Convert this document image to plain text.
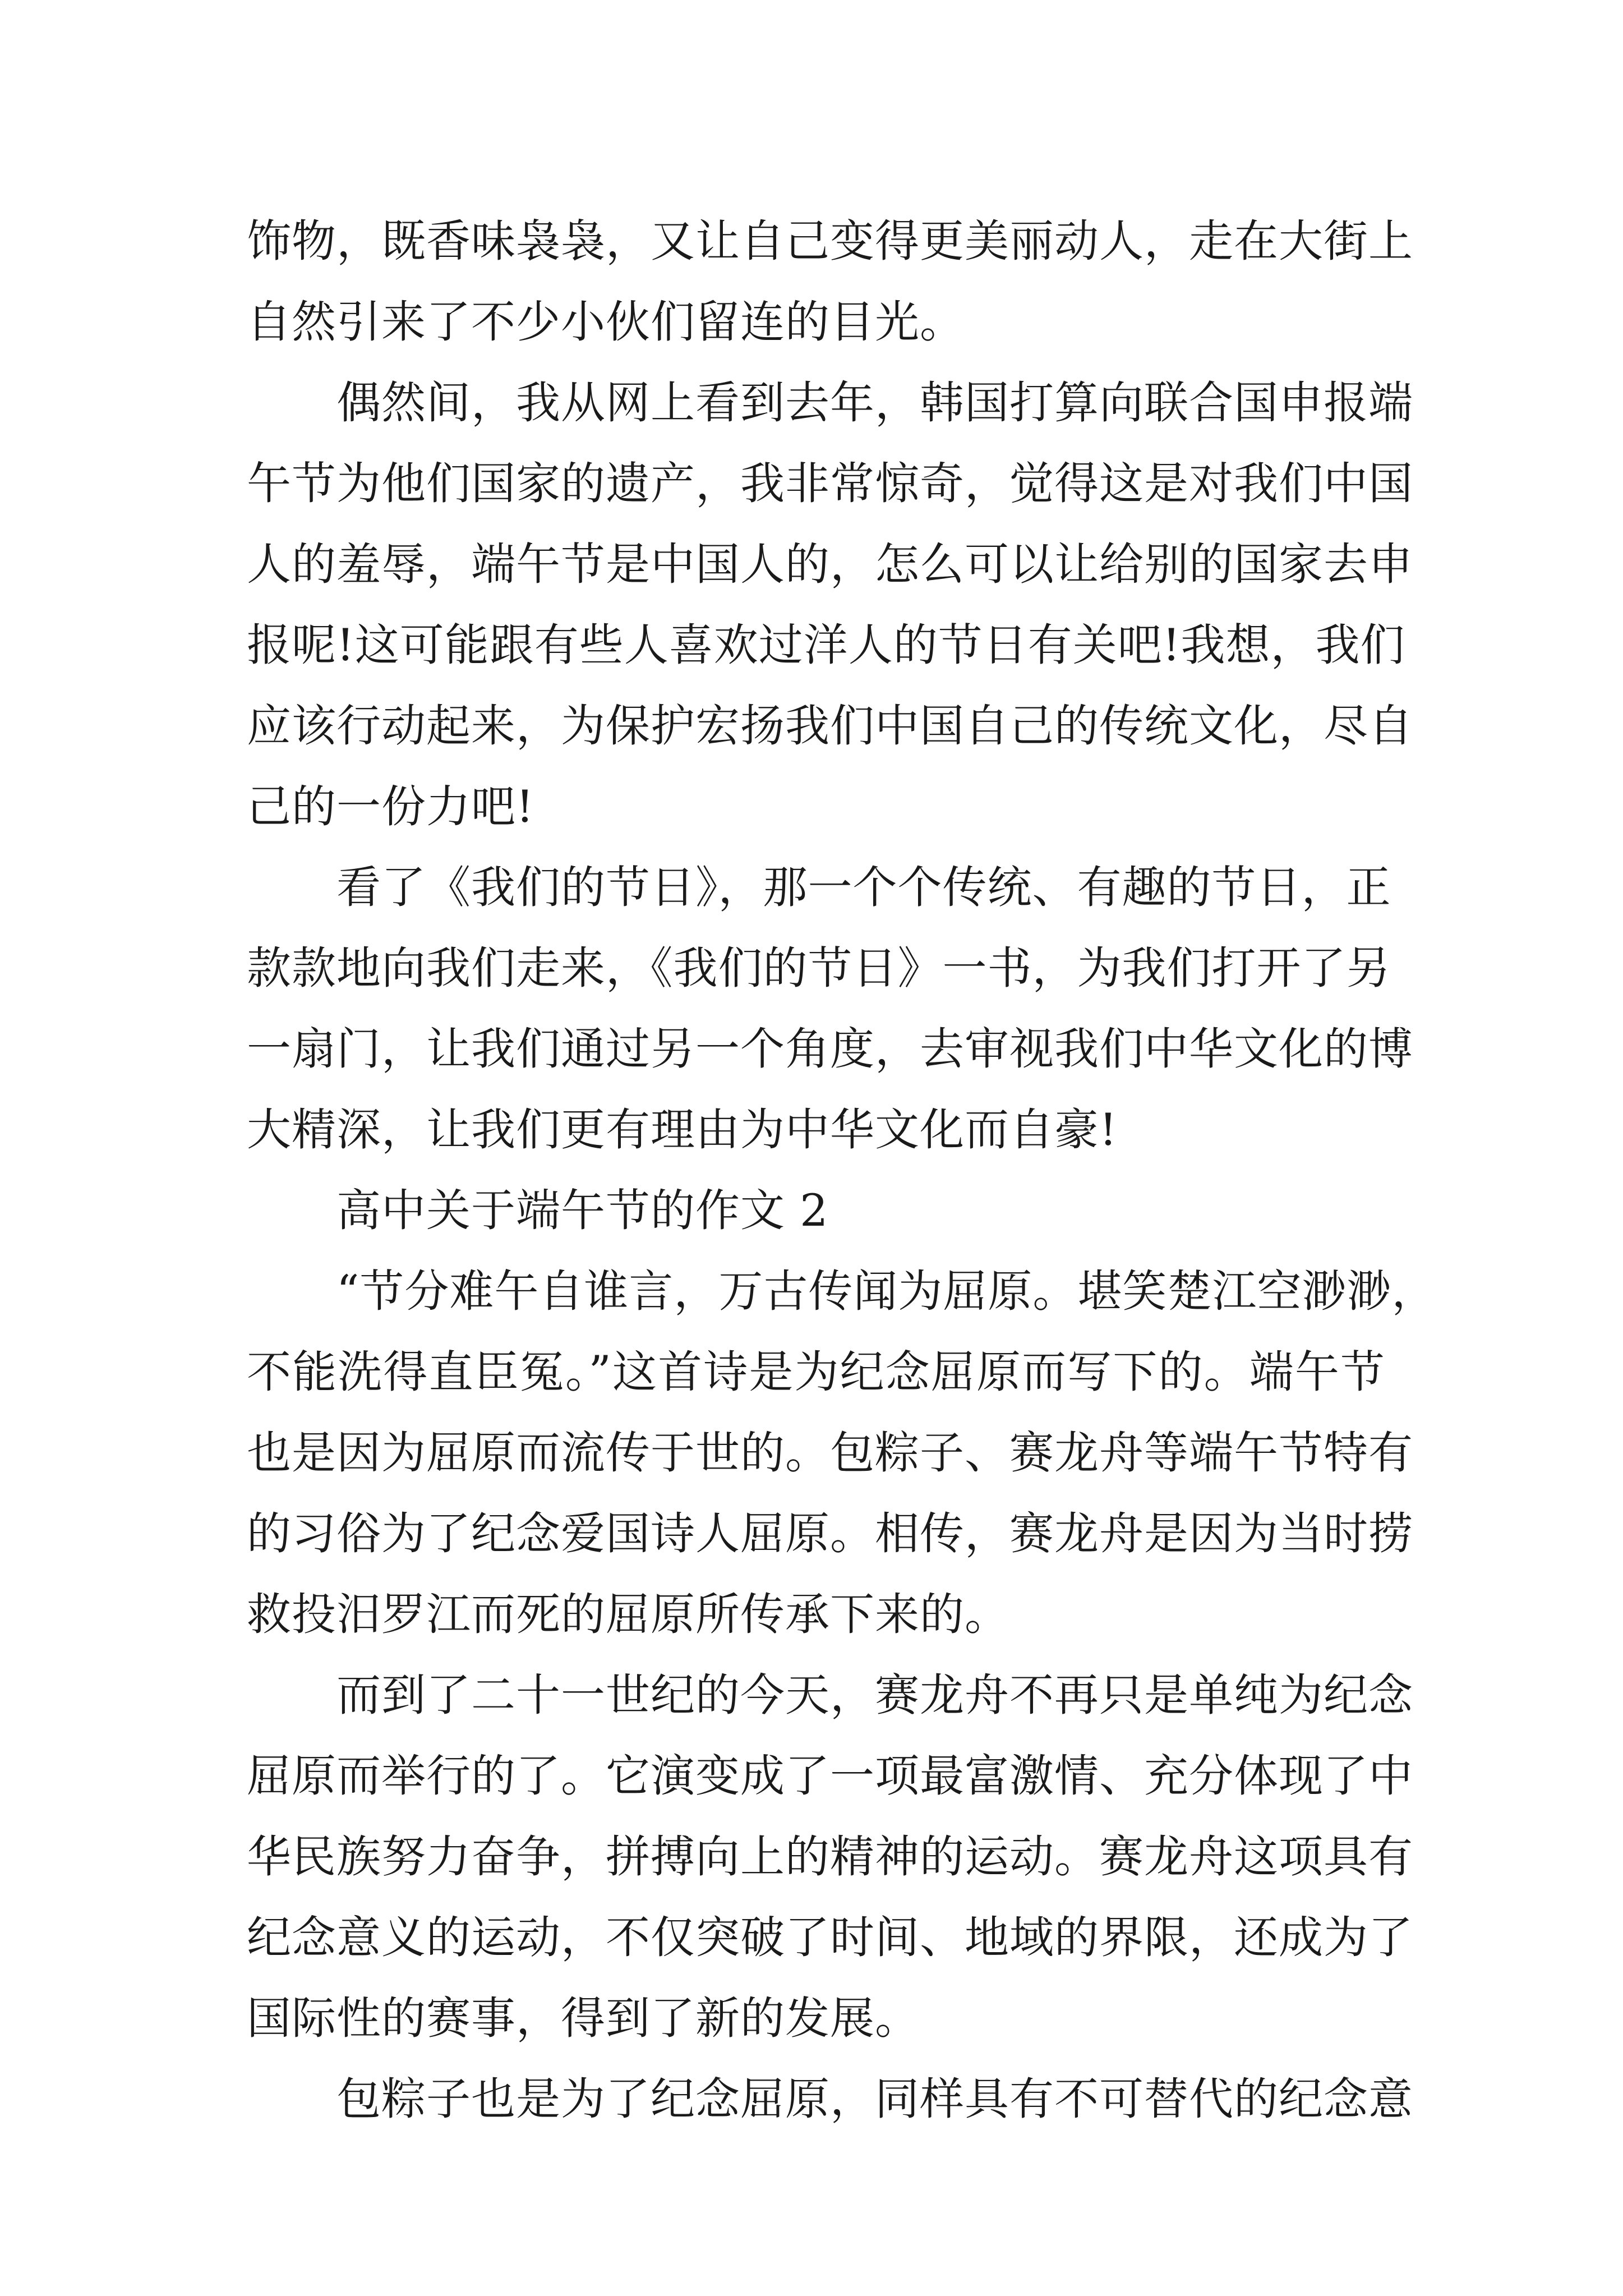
饰物，既香味袅袅，又让自己变得更美丽动人，走在大街上
自然引来了不少小伙们留连的目光。
偶然间，我从网上看到去年，韩国打算向联合国申报端
午节为他们国家的遗产，我非常惊奇，觉得这是对我们中国
人的羞辱，端午节是中国人的，怎么可以让给别的国家去申
报呢!这可能跟有些人喜欢过洋人的节日有关吧!我想，我们
应该行动起来，为保护宏扬我们中国自己的传统文化，尽自
己的一份力吧!
看了《我们的节日》，那一个个传统、有趣的节日，正
款款地向我们走来，《我们的节日》一书，为我们打开了另
一扇门，让我们通过另一个角度，去审视我们中华文化的博
大精深，让我们更有理由为中华文化而自豪!
高中关于端午节的作文 2
“节分难午自谁言，万古传闻为屈原。堪笑楚江空渺渺，
不能洗得直臣冤。”这首诗是为纪念屈原而写下的。端午节
也是因为屈原而流传于世的。包粽子、赛龙舟等端午节特有
的习俗为了纪念爱国诗人屈原。相传，赛龙舟是因为当时捞
救投汨罗江而死的屈原所传承下来的。
而到了二十一世纪的今天，赛龙舟不再只是单纯为纪念
屈原而举行的了。它演变成了一项最富激情、充分体现了中
华民族努力奋争，拼搏向上的精神的运动。赛龙舟这项具有
纪念意义的运动，不仅突破了时间、地域的界限，还成为了
国际性的赛事，得到了新的发展。
包粽子也是为了纪念屈原，同样具有不可替代的纪念意
